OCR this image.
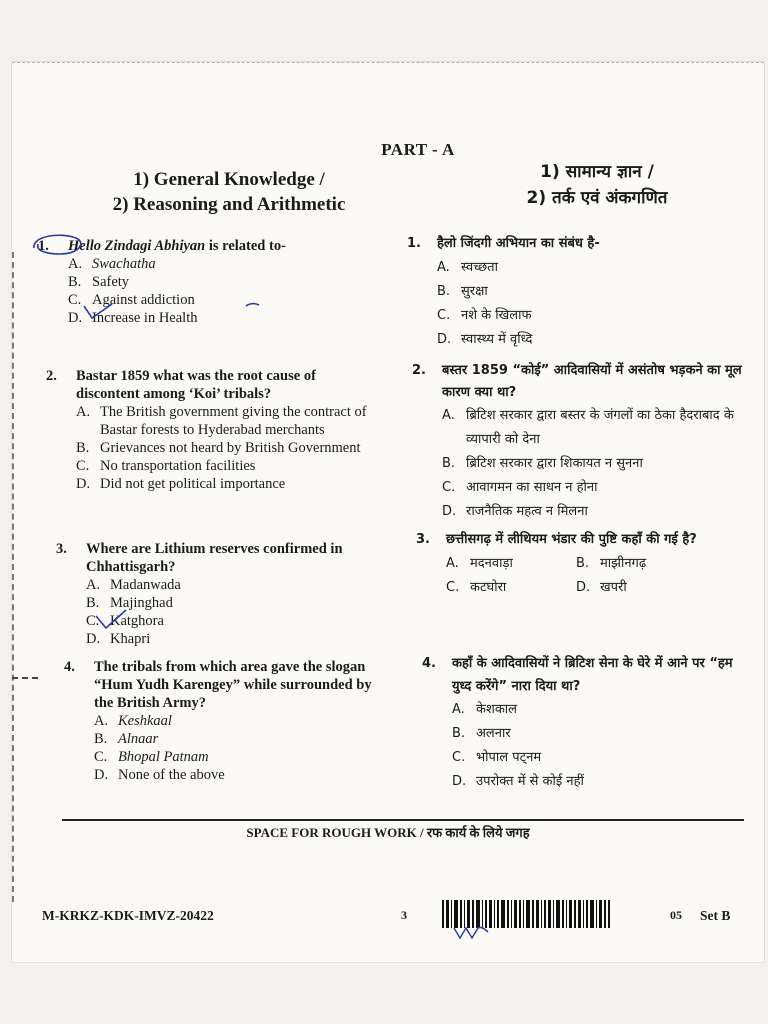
PART - A
1) General Knowledge /
2) Reasoning and Arithmetic
1) सामान्य ज्ञान /
2) तर्क एवं अंकगणित
1.	Hello Zindagi Abhiyan is related to-
A. Swachatha
B. Safety
C. Against addiction
D. Increase in Health
2.	Bastar 1859 what was the root cause of discontent among ‘Koi’ tribals?
A. The British government giving the contract of Bastar forests to Hyderabad merchants
B. Grievances not heard by British Government
C. No transportation facilities
D. Did not get political importance
3.	Where are Lithium reserves confirmed in Chhattisgarh?
A. Madanwada
B. Majinghad
C. Katghora
D. Khapri
4.	The tribals from which area gave the slogan “Hum Yudh Karengey” while surrounded by the British Army?
A. Keshkaal
B. Alnaar
C. Bhopal Patnam
D. None of the above
1.	हैलो जिंदगी अभियान का संबंध है-
A. स्वच्छता
B. सुरक्षा
C. नशे के खिलाफ
D. स्वास्थ्य में वृध्दि
2.	बस्तर 1859 “कोई” आदिवासियों में असंतोष भड़कने का मूल कारण क्या था?
A. ब्रिटिश सरकार द्वारा बस्तर के जंगलों का ठेका हैदराबाद के व्यापारी को देना
B. ब्रिटिश सरकार द्वारा शिकायत न सुनना
C. आवागमन का साधन न होना
D. राजनैतिक महत्व न मिलना
3.	छत्तीसगढ़ में लीथियम भंडार की पुष्टि कहाँ की गई है?
A. मदनवाड़ा	B. माझीनगढ़
C. कटघोरा	D. खपरी
4.	कहाँ के आदिवासियों ने ब्रिटिश सेना के घेरे में आने पर “हम युध्द करेंगे” नारा दिया था?
A. केशकाल
B. अलनार
C. भोपाल पट्नम
D. उपरोक्त में से कोई नहीं
SPACE FOR ROUGH WORK / रफ कार्य के लिये जगह
M-KRKZ-KDK-IMVZ-20422	3	05 Set B
